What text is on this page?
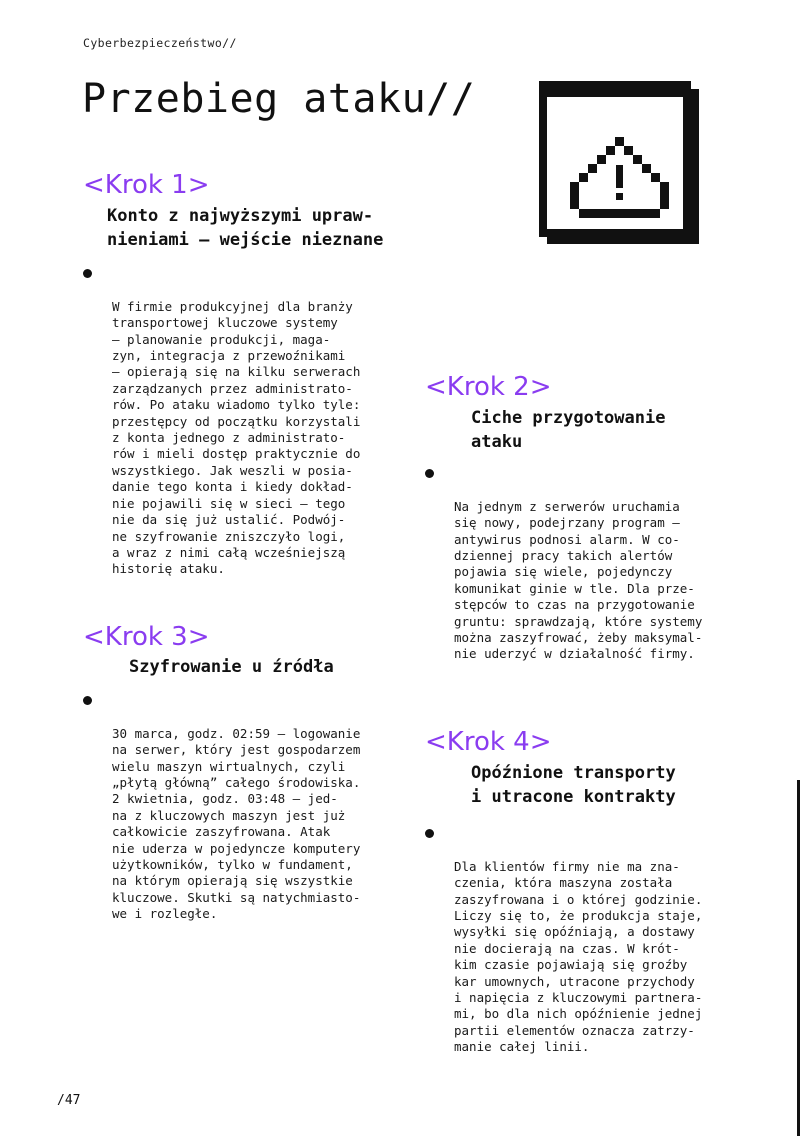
Cyberbezpieczeństwo//
Przebieg ataku//
<Krok 1>
Konto z najwyższymi upraw-
nieniami – wejście nieznane

W firmie produkcyjnej dla branży
transportowej kluczowe systemy
– planowanie produkcji, maga-
zyn, integracja z przewoźnikami
– opierają się na kilku serwerach
zarządzanych przez administrato-
rów. Po ataku wiadomo tylko tyle:
przestępcy od początku korzystali
z konta jednego z administrato-
rów i mieli dostęp praktycznie do
wszystkiego. Jak weszli w posia-
danie tego konta i kiedy dokład-
nie pojawili się w sieci – tego
nie da się już ustalić. Podwój-
ne szyfrowanie zniszczyło logi,
a wraz z nimi całą wcześniejszą
historię ataku.

<Krok 2>
Ciche przygotowanie
ataku

Na jednym z serwerów uruchamia
się nowy, podejrzany program –
antywirus podnosi alarm. W co-
dziennej pracy takich alertów
pojawia się wiele, pojedynczy
komunikat ginie w tle. Dla prze-
stępców to czas na przygotowanie
gruntu: sprawdzają, które systemy
można zaszyfrować, żeby maksymal-
nie uderzyć w działalność firmy.

<Krok 3>
Szyfrowanie u źródła

30 marca, godz. 02:59 – logowanie
na serwer, który jest gospodarzem
wielu maszyn wirtualnych, czyli
„płytą główną” całego środowiska.
2 kwietnia, godz. 03:48 – jed-
na z kluczowych maszyn jest już
całkowicie zaszyfrowana. Atak
nie uderza w pojedyncze komputery
użytkowników, tylko w fundament,
na którym opierają się wszystkie
kluczowe. Skutki są natychmiasto-
we i rozległe.

<Krok 4>
Opóźnione transporty
i utracone kontrakty

Dla klientów firmy nie ma zna-
czenia, która maszyna została
zaszyfrowana i o której godzinie.
Liczy się to, że produkcja staje,
wysyłki się opóźniają, a dostawy
nie docierają na czas. W krót-
kim czasie pojawiają się groźby
kar umownych, utracone przychody
i napięcia z kluczowymi partnera-
mi, bo dla nich opóźnienie jednej
partii elementów oznacza zatrzy-
manie całej linii.

/47
